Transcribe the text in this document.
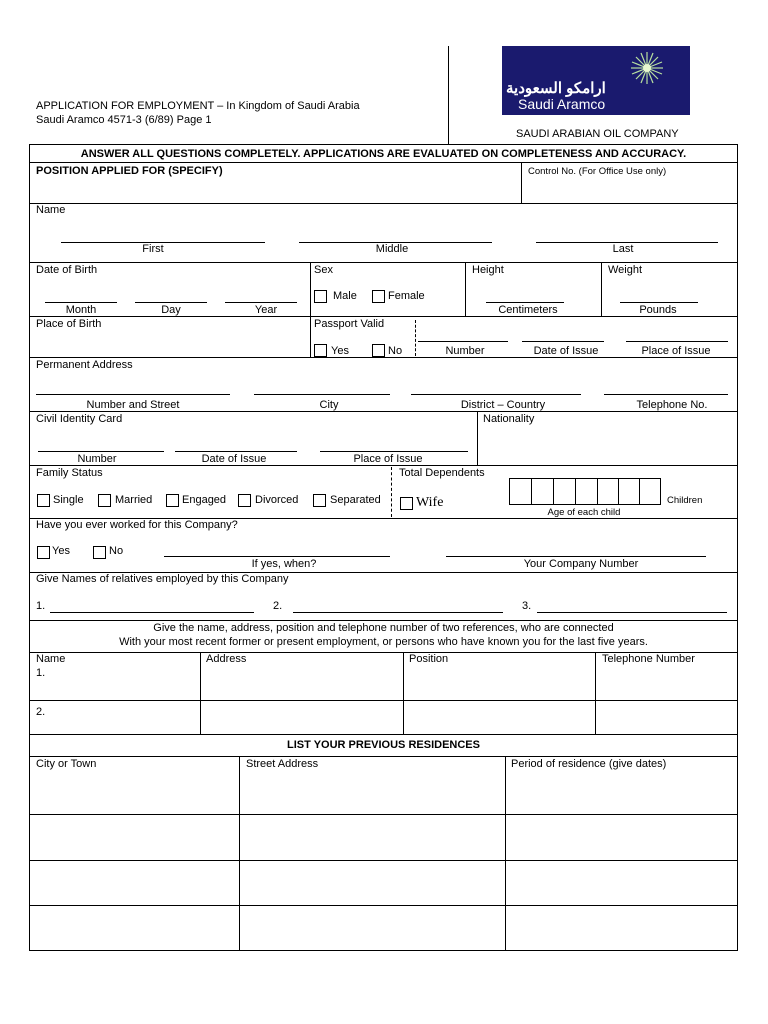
APPLICATION FOR EMPLOYMENT – In Kingdom of Saudi Arabia
Saudi Aramco 4571-3 (6/89) Page 1
ارامكو السعودية
Saudi Aramco
SAUDI ARABIAN OIL COMPANY
ANSWER ALL QUESTIONS COMPLETELY. APPLICATIONS ARE EVALUATED ON COMPLETENESS AND ACCURACY.
POSITION APPLIED FOR (SPECIFY)	Control No. (For Office Use only)
Name
First	Middle	Last
Date of Birth
Month	Day	Year
Sex
Male	Female
Height
Centimeters
Weight
Pounds
Place of Birth	Passport Valid
Yes	No	Number	Date of Issue	Place of Issue
Permanent Address
Number and Street	City	District – Country	Telephone No.
Civil Identity Card
Number	Date of Issue	Place of Issue
Nationality
Family Status
Single	Married	Engaged	Divorced	Separated
Total Dependents
Wife
Age of each child
Children
Have you ever worked for this Company?
Yes	No
If yes, when?	Your Company Number
Give Names of relatives employed by this Company
1.	2.	3.
Give the name, address, position and telephone number of two references, who are connected
With your most recent former or present employment, or persons who have known you for the last five years.
Name	Address	Position	Telephone Number
1.
2.
LIST YOUR PREVIOUS RESIDENCES
City or Town	Street Address	Period of residence (give dates)
